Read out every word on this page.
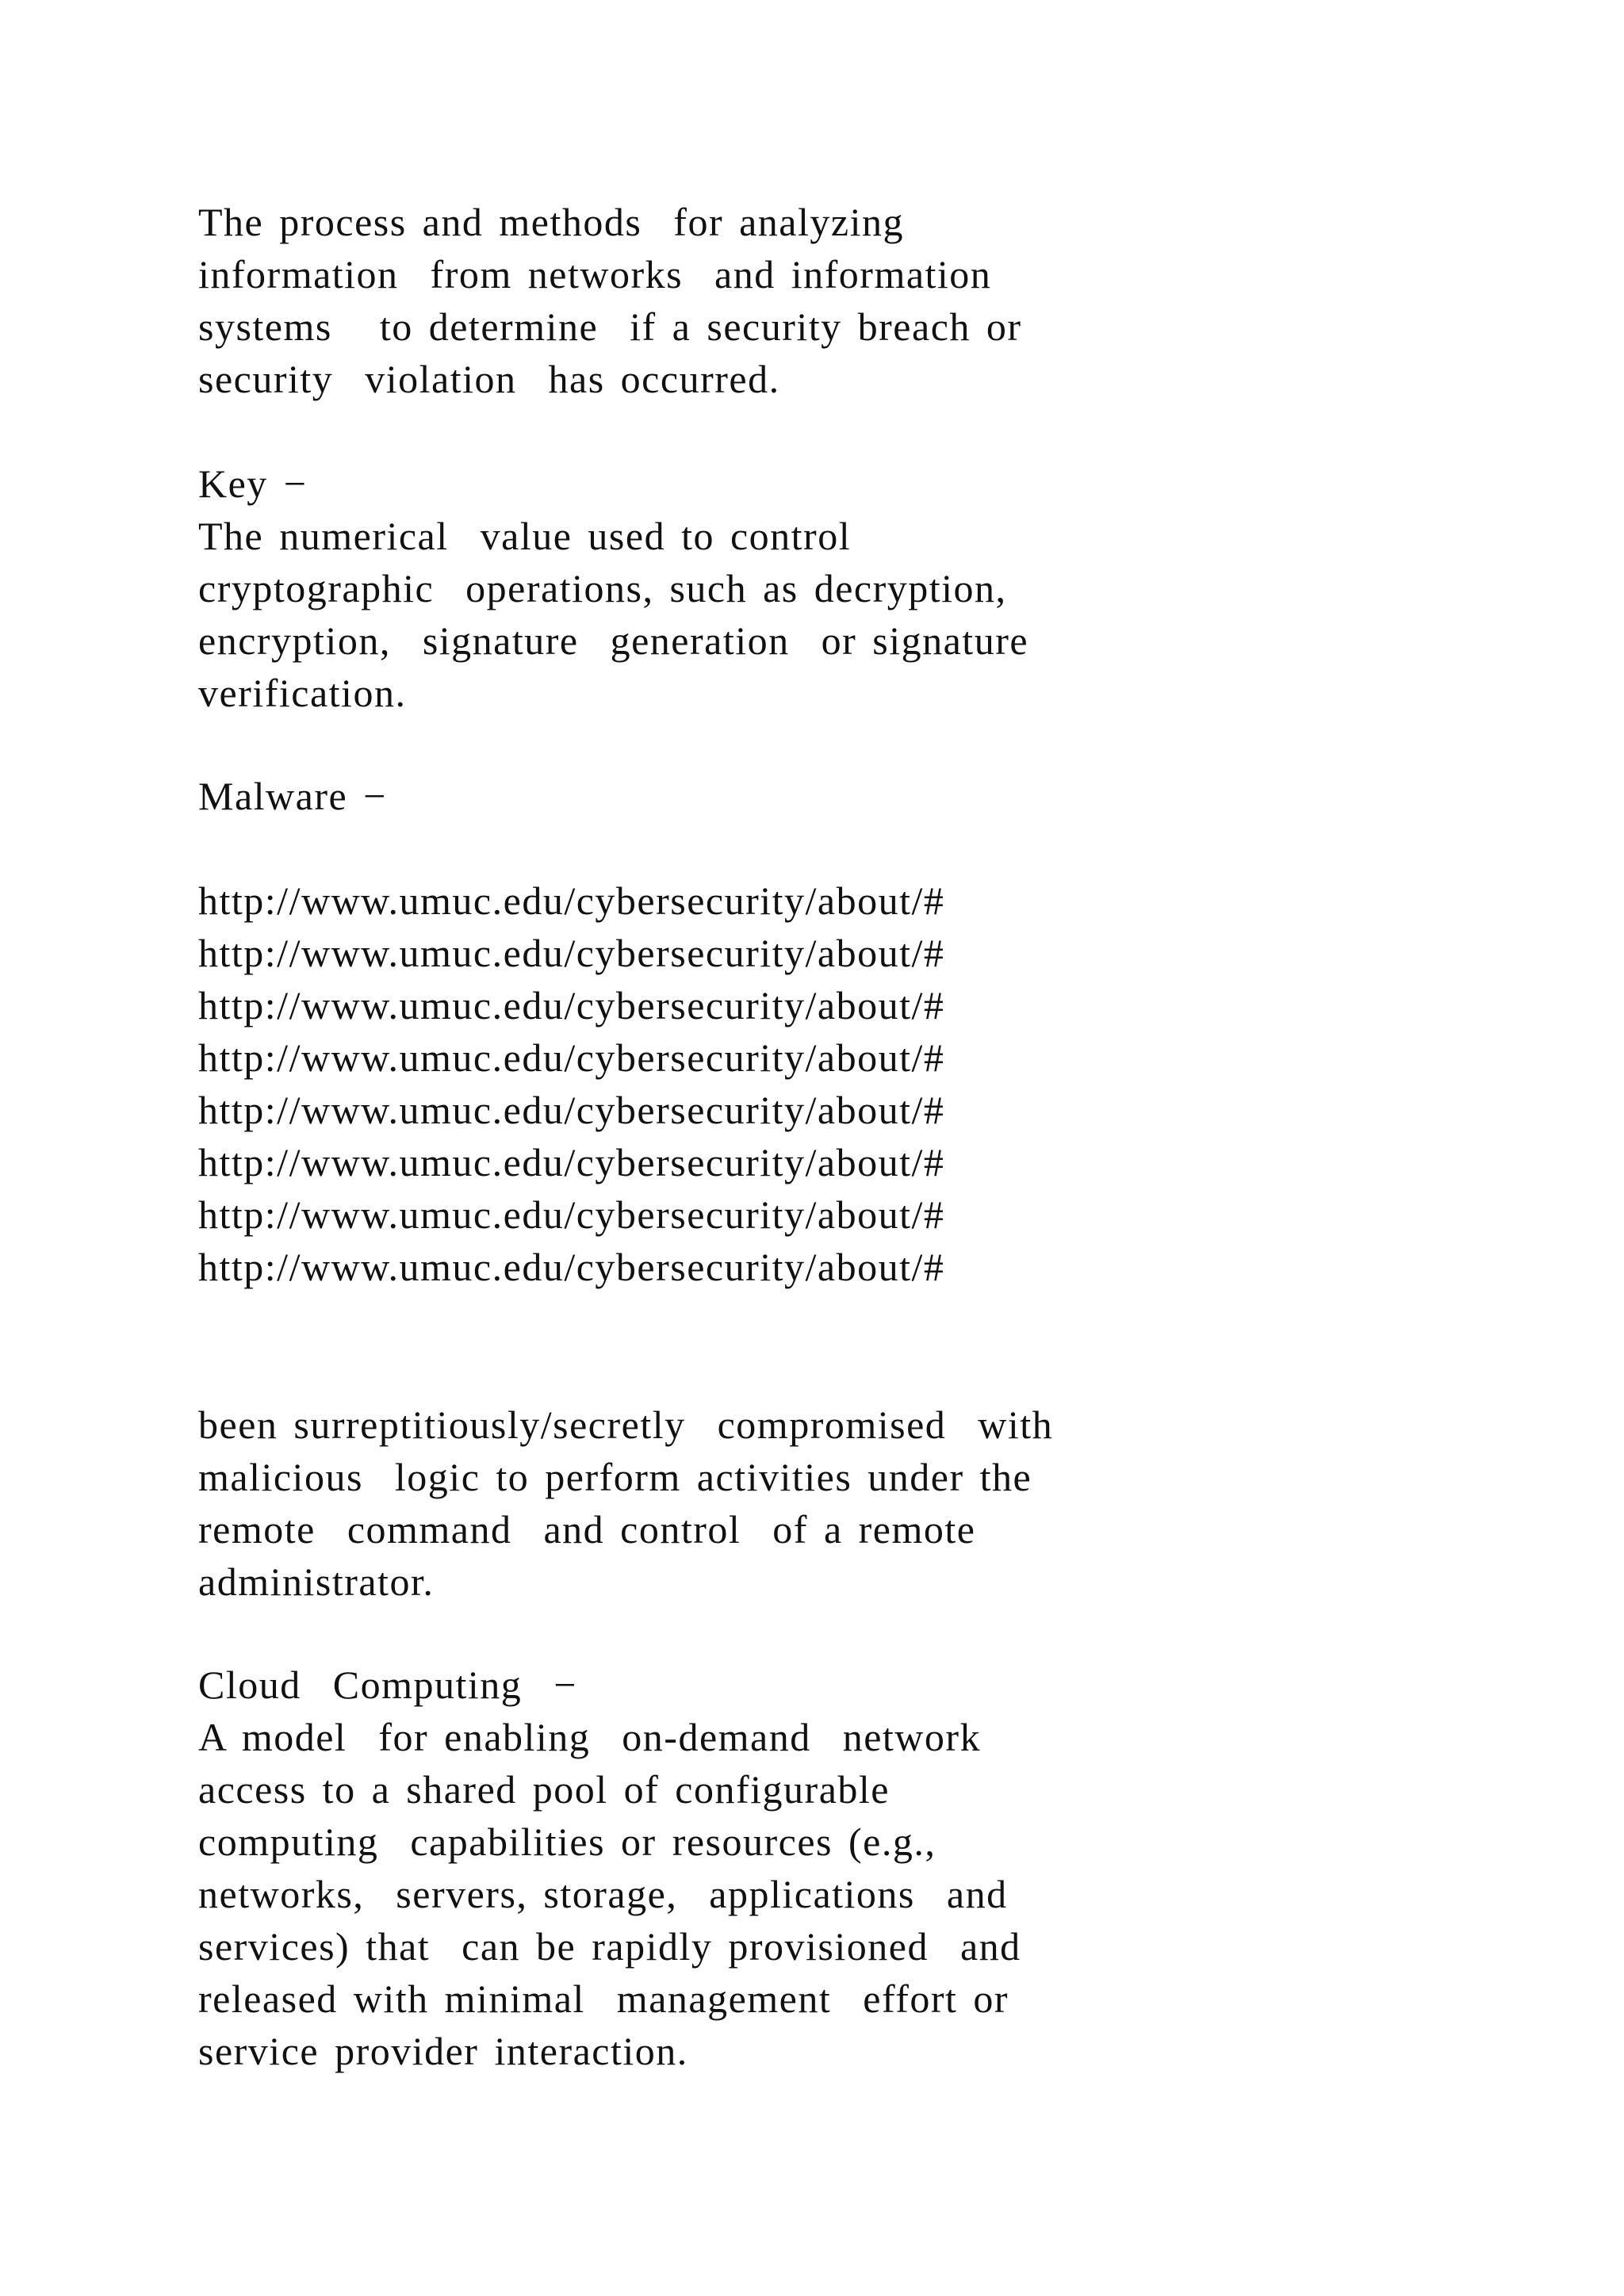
The process and methods  for analyzing
information  from networks  and information
systems   to determine  if a security breach or
security  violation  has occurred.
Key −
The numerical  value used to control
cryptographic  operations, such as decryption,
encryption,  signature  generation  or signature
verification.
Malware −
http://www.umuc.edu/cybersecurity/about/#
http://www.umuc.edu/cybersecurity/about/#
http://www.umuc.edu/cybersecurity/about/#
http://www.umuc.edu/cybersecurity/about/#
http://www.umuc.edu/cybersecurity/about/#
http://www.umuc.edu/cybersecurity/about/#
http://www.umuc.edu/cybersecurity/about/#
http://www.umuc.edu/cybersecurity/about/#
been surreptitiously/secretly  compromised  with
malicious  logic to perform activities under the
remote  command  and control  of a remote
administrator.
Cloud  Computing  −
A model  for enabling  on-demand  network
access to a shared pool of configurable
computing  capabilities or resources (e.g.,
networks,  servers, storage,  applications  and
services) that  can be rapidly provisioned  and
released with minimal  management  effort or
service provider interaction.
